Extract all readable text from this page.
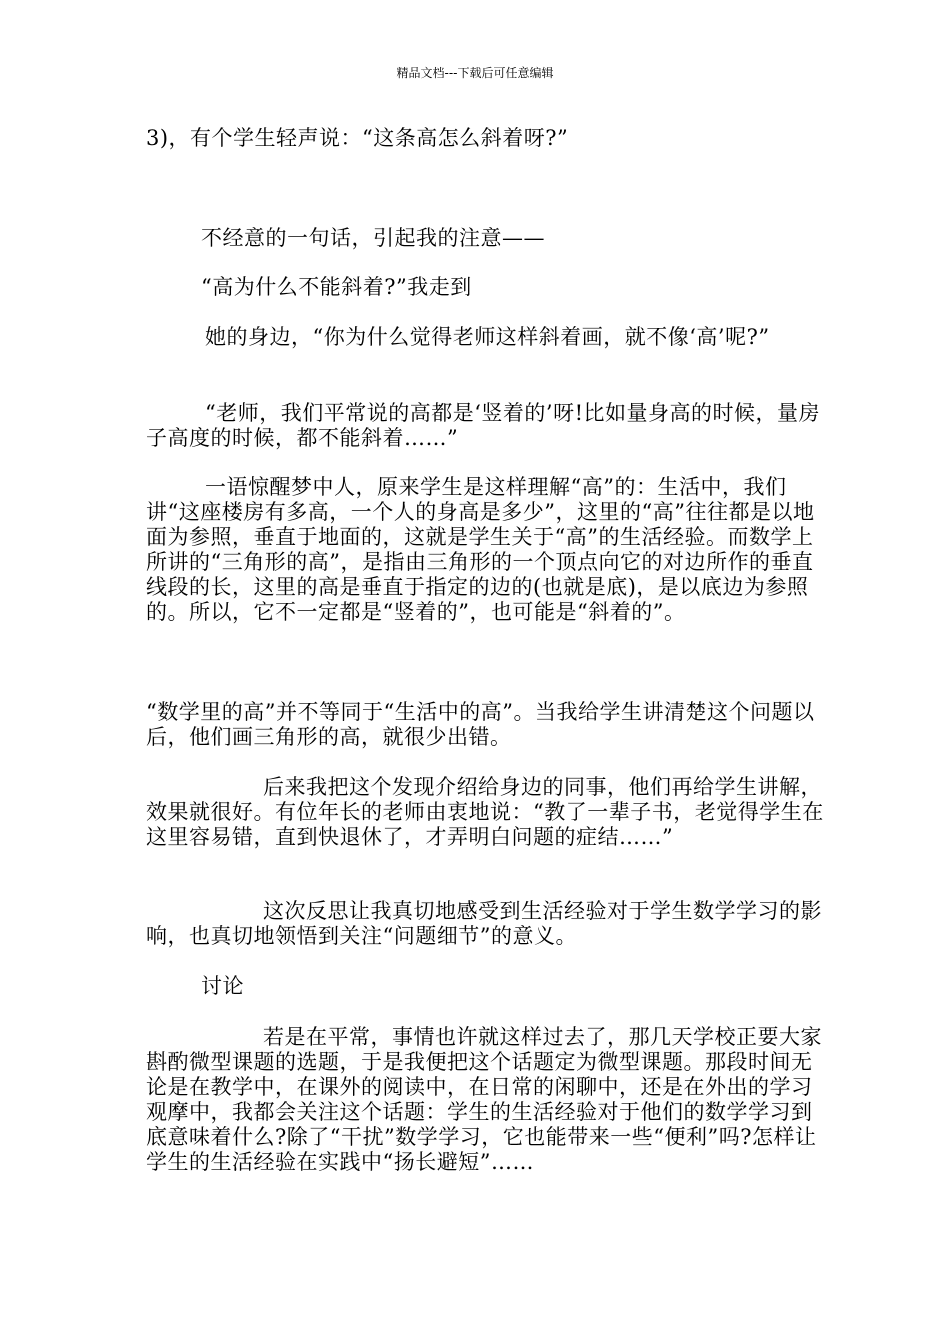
精品文档---下载后可任意编辑

3)，有个学生轻声说：“这条高怎么斜着呀?”

不经意的一句话，引起我的注意——

“高为什么不能斜着?”我走到

她的身边，“你为什么觉得老师这样斜着画，就不像‘高’呢?”

“老师，我们平常说的高都是‘竖着的’呀!比如量身高的时候，量房子高度的时候，都不能斜着……”

一语惊醒梦中人，原来学生是这样理解“高”的：生活中，我们讲“这座楼房有多高，一个人的身高是多少”，这里的“高”往往都是以地面为参照，垂直于地面的，这就是学生关于“高”的生活经验。而数学上所讲的“三角形的高”，是指由三角形的一个顶点向它的对边所作的垂直线段的长，这里的高是垂直于指定的边的(也就是底)，是以底边为参照的。所以，它不一定都是“竖着的”，也可能是“斜着的”。

“数学里的高”并不等同于“生活中的高”。当我给学生讲清楚这个问题以后，他们画三角形的高，就很少出错。

后来我把这个发现介绍给身边的同事，他们再给学生讲解，效果就很好。有位年长的老师由衷地说：“教了一辈子书，老觉得学生在这里容易错，直到快退休了，才弄明白问题的症结……”

这次反思让我真切地感受到生活经验对于学生数学学习的影响，也真切地领悟到关注“问题细节”的意义。

讨论

若是在平常，事情也许就这样过去了，那几天学校正要大家斟酌微型课题的选题，于是我便把这个话题定为微型课题。那段时间无论是在教学中，在课外的阅读中，在日常的闲聊中，还是在外出的学习观摩中，我都会关注这个话题：学生的生活经验对于他们的数学学习到底意味着什么?除了“干扰”数学学习，它也能带来一些“便利”吗?怎样让学生的生活经验在实践中“扬长避短”……
